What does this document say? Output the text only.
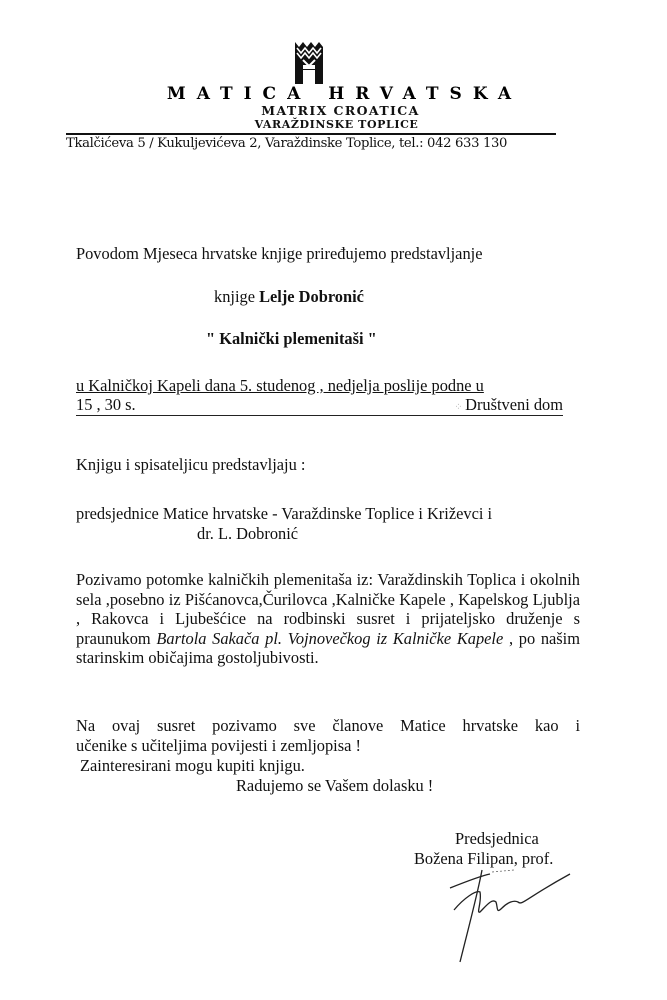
MATICA HRVATSKA
MATRIX CROATICA
VARAŽDINSKE TOPLICE
Tkalčićeva 5 / Kukuljevićeva 2, Varaždinske Toplice, tel.: 042 633 130
Povodom Mjeseca hrvatske knjige priređujemo predstavljanje
knjige Lelje Dobronić
" Kalnički plemenitaši "
u Kalničkoj Kapeli dana 5. studenog , nedjelja poslije podne u
15 , 30 s.	⁘ Društveni dom
Knjigu i spisateljicu predstavljaju :
predsjednice Matice hrvatske - Varaždinske Toplice i Križevci i
dr. L. Dobronić
Pozivamo potomke kalničkih plemenitaša iz: Varaždinskih Toplica i okolnih sela ,posebno iz Pišćanovca,Čurilovca ,Kalničke Kapele , Kapelskog Ljublja , Rakovca i Ljubešćice na rodbinski susret i prijateljsko druženje s praunukom Bartola Sakača pl. Vojnovečkog iz Kalničke Kapele , po našim starinskim običajima gostoljubivosti.
Na ovaj susret pozivamo sve članove Matice hrvatske kao i
učenike s učiteljima povijesti i zemljopisa !
Zainteresirani mogu kupiti knjigu.
Radujemo se Vašem dolasku !
Predsjednica
Božena Filipan, prof.
